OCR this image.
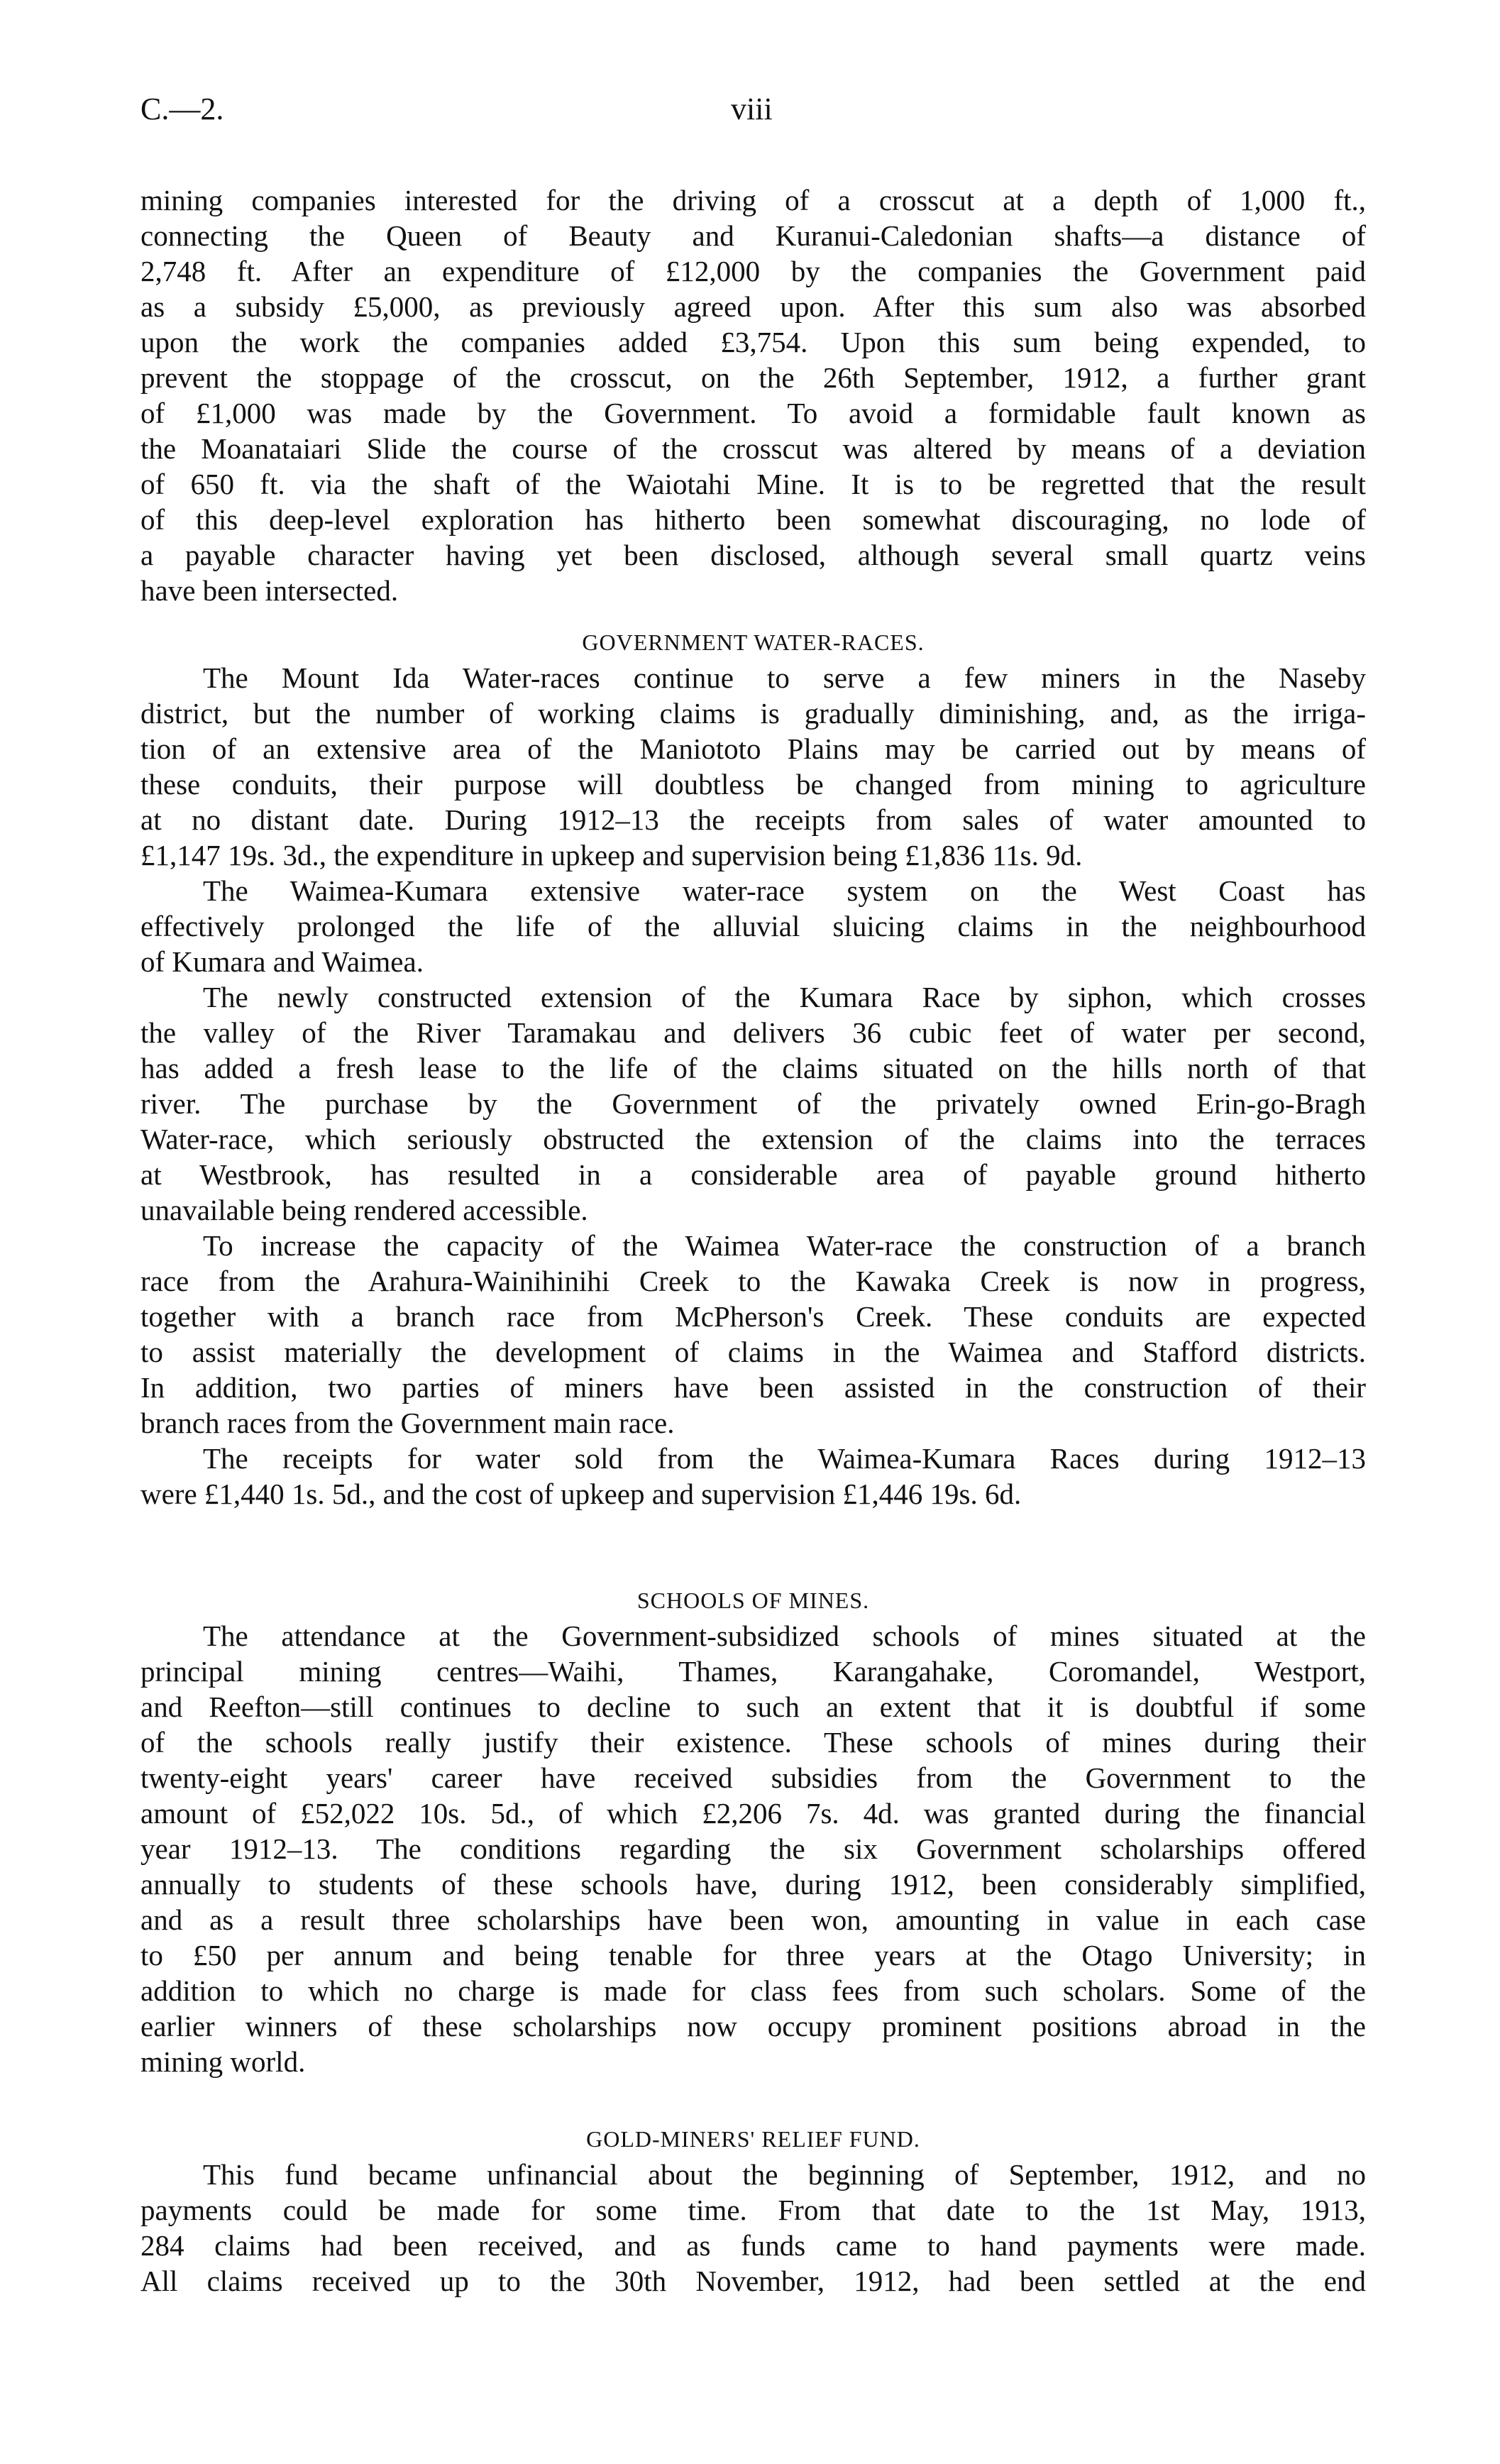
C.—2.	viii
mining companies interested for the driving of a crosscut at a depth of 1,000 ft.,
connecting the Queen of Beauty and Kuranui-Caledonian shafts—a distance of
2,748 ft. After an expenditure of £12,000 by the companies the Government paid
as a subsidy £5,000, as previously agreed upon. After this sum also was absorbed
upon the work the companies added £3,754. Upon this sum being expended, to
prevent the stoppage of the crosscut, on the 26th September, 1912, a further grant
of £1,000 was made by the Government. To avoid a formidable fault known as
the Moanataiari Slide the course of the crosscut was altered by means of a deviation
of 650 ft. via the shaft of the Waiotahi Mine. It is to be regretted that the result
of this deep-level exploration has hitherto been somewhat discouraging, no lode of
a payable character having yet been disclosed, although several small quartz veins
have been intersected.
GOVERNMENT WATER-RACES.
The Mount Ida Water-races continue to serve a few miners in the Naseby
district, but the number of working claims is gradually diminishing, and, as the irriga-
tion of an extensive area of the Maniototo Plains may be carried out by means of
these conduits, their purpose will doubtless be changed from mining to agriculture
at no distant date. During 1912–13 the receipts from sales of water amounted to
£1,147 19s. 3d., the expenditure in upkeep and supervision being £1,836 11s. 9d.
The Waimea-Kumara extensive water-race system on the West Coast has
effectively prolonged the life of the alluvial sluicing claims in the neighbourhood
of Kumara and Waimea.
The newly constructed extension of the Kumara Race by siphon, which crosses
the valley of the River Taramakau and delivers 36 cubic feet of water per second,
has added a fresh lease to the life of the claims situated on the hills north of that
river. The purchase by the Government of the privately owned Erin-go-Bragh
Water-race, which seriously obstructed the extension of the claims into the terraces
at Westbrook, has resulted in a considerable area of payable ground hitherto
unavailable being rendered accessible.
To increase the capacity of the Waimea Water-race the construction of a branch
race from the Arahura-Wainihinihi Creek to the Kawaka Creek is now in progress,
together with a branch race from McPherson's Creek. These conduits are expected
to assist materially the development of claims in the Waimea and Stafford districts.
In addition, two parties of miners have been assisted in the construction of their
branch races from the Government main race.
The receipts for water sold from the Waimea-Kumara Races during 1912–13
were £1,440 1s. 5d., and the cost of upkeep and supervision £1,446 19s. 6d.
SCHOOLS OF MINES.
The attendance at the Government-subsidized schools of mines situated at the
principal mining centres—Waihi, Thames, Karangahake, Coromandel, Westport,
and Reefton—still continues to decline to such an extent that it is doubtful if some
of the schools really justify their existence. These schools of mines during their
twenty-eight years' career have received subsidies from the Government to the
amount of £52,022 10s. 5d., of which £2,206 7s. 4d. was granted during the financial
year 1912–13. The conditions regarding the six Government scholarships offered
annually to students of these schools have, during 1912, been considerably simplified,
and as a result three scholarships have been won, amounting in value in each case
to £50 per annum and being tenable for three years at the Otago University; in
addition to which no charge is made for class fees from such scholars. Some of the
earlier winners of these scholarships now occupy prominent positions abroad in the
mining world.
GOLD-MINERS' RELIEF FUND.
This fund became unfinancial about the beginning of September, 1912, and no
payments could be made for some time. From that date to the 1st May, 1913,
284 claims had been received, and as funds came to hand payments were made.
All claims received up to the 30th November, 1912, had been settled at the end
